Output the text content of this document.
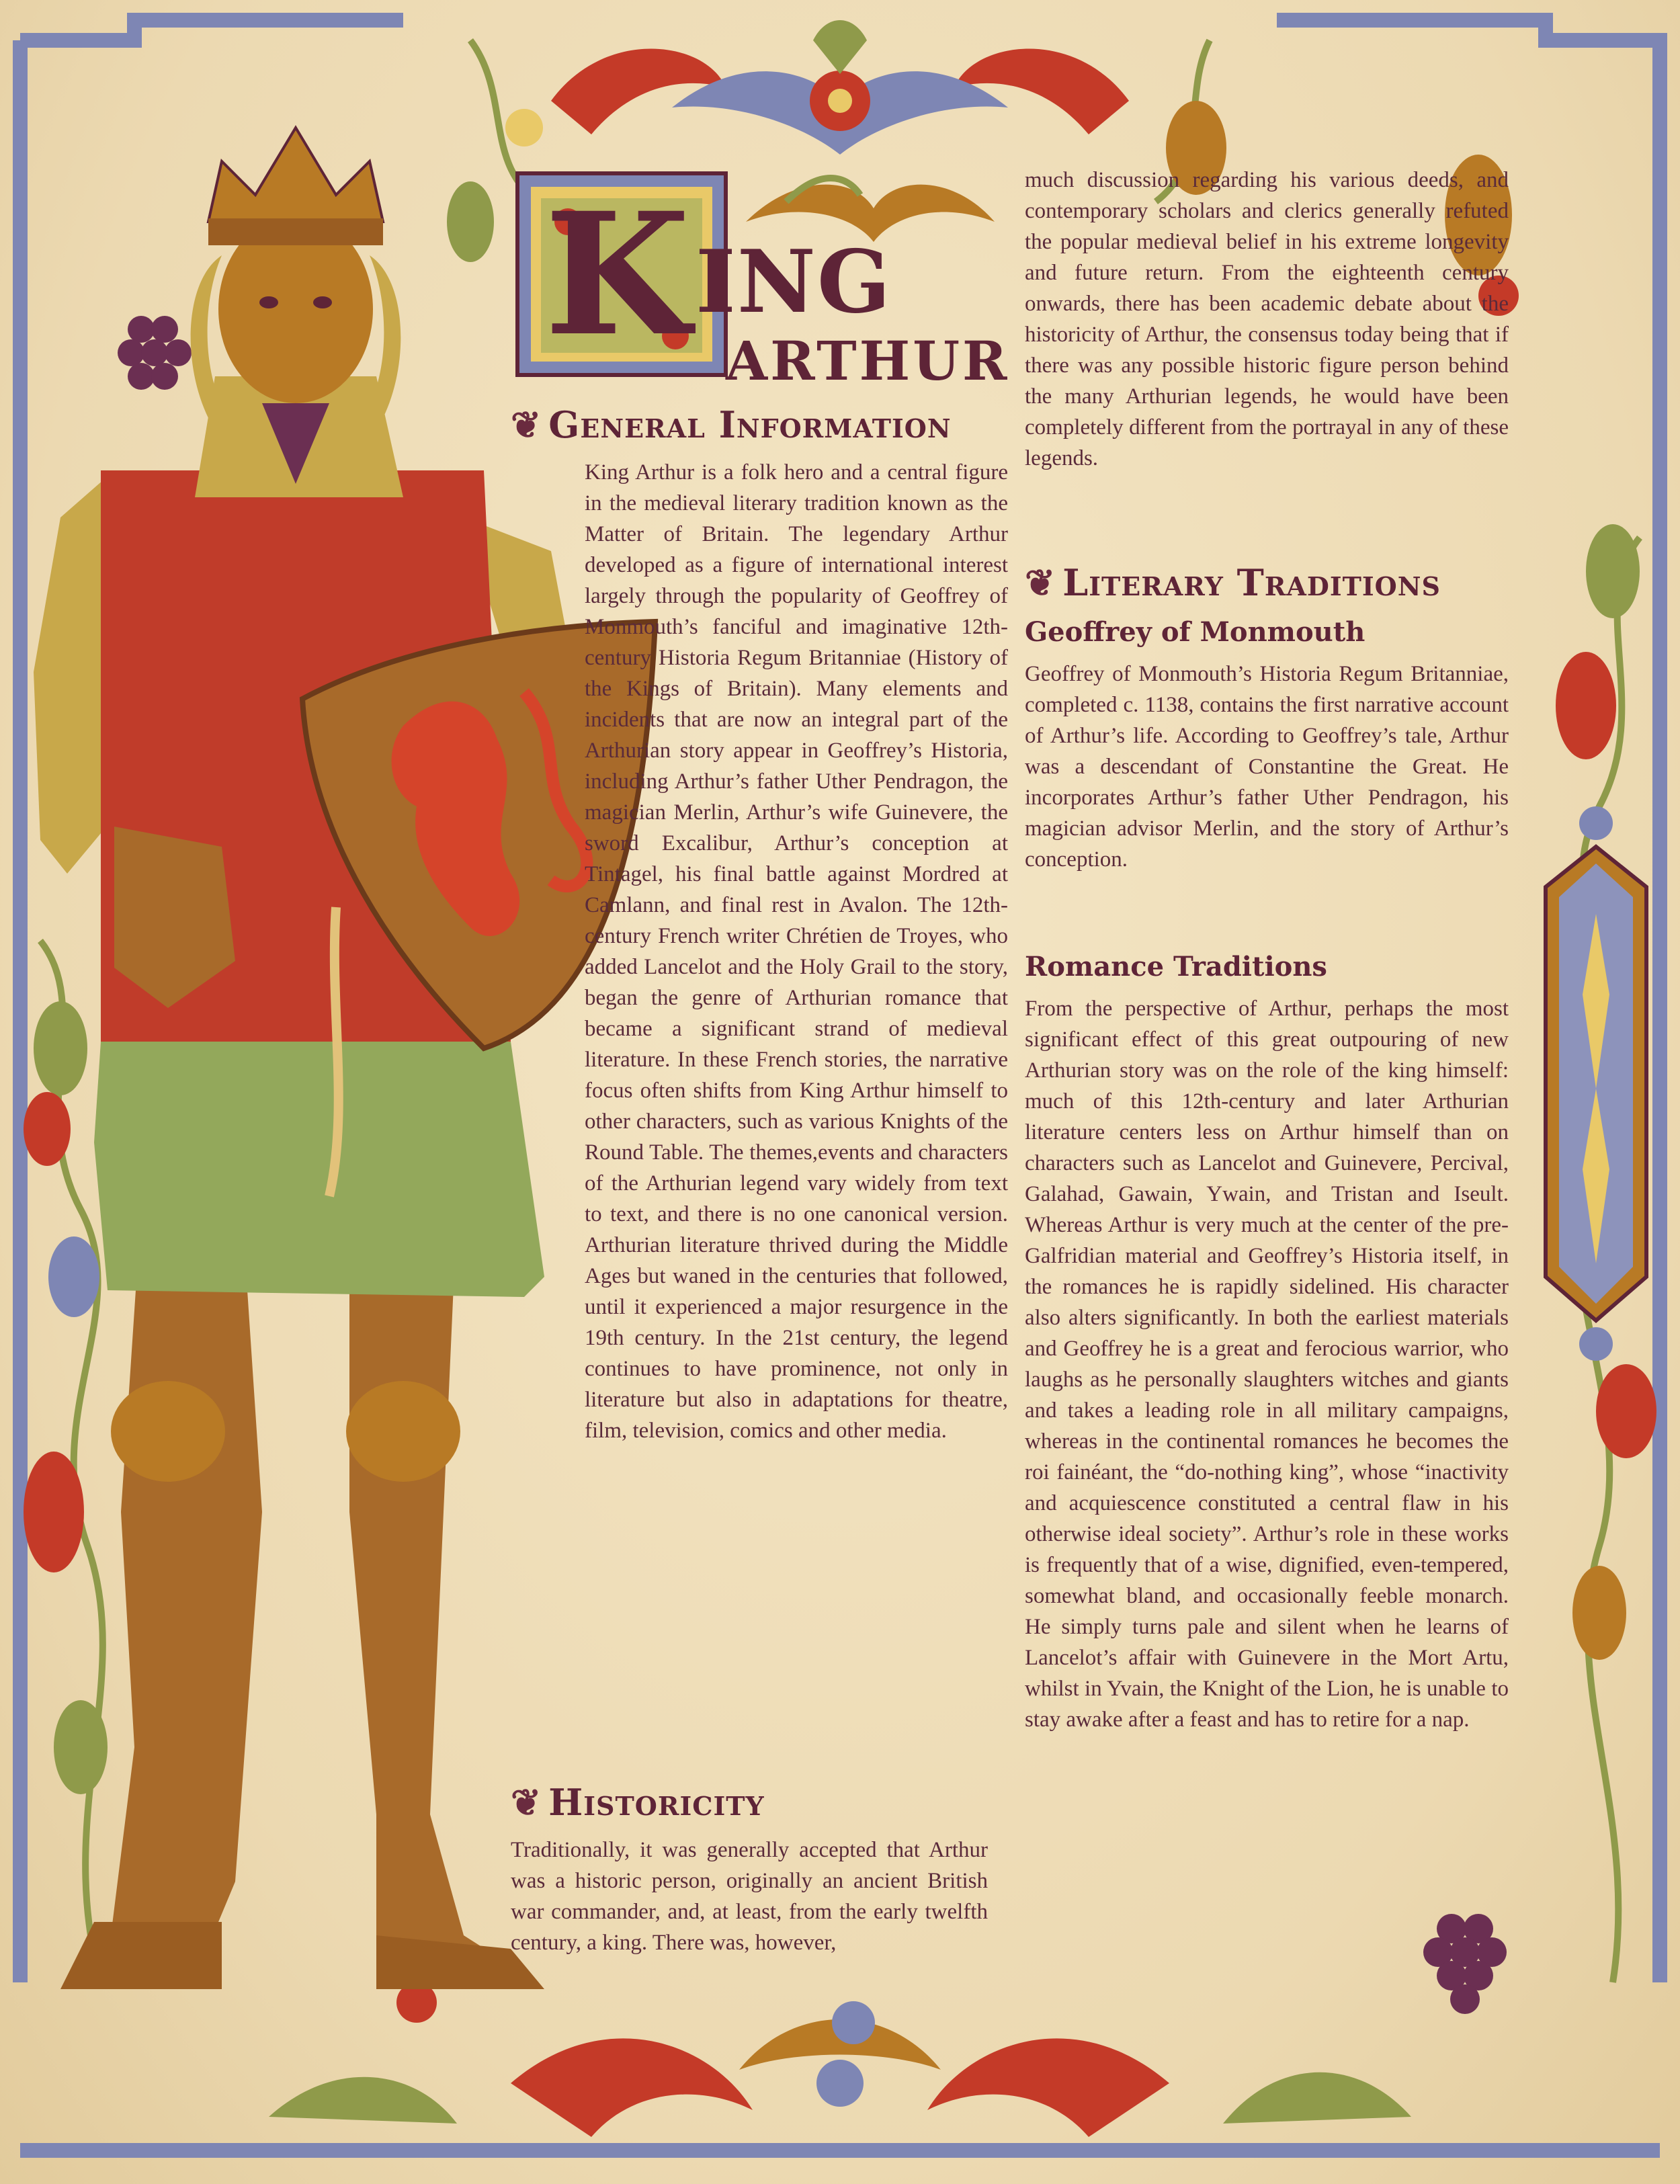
K ING
ARTHUR
❦ General Information

King Arthur is a folk hero and a central figure in the medieval literary tradition known as the Matter of Britain. The legendary Arthur developed as a figure of international interest largely through the popularity of Geoffrey of Monmouth’s fanciful and imaginative 12th-century Historia Regum Britanniae (History of the Kings of Britain). Many elements and incidents that are now an integral part of the Arthurian story appear in Geoffrey’s Historia, including Arthur’s father Uther Pendragon, the magician Merlin, Arthur’s wife Guinevere, the sword Excalibur, Arthur’s conception at Tintagel, his final battle against Mordred at Camlann, and final rest in Avalon. The 12th-century French writer Chrétien de Troyes, who added Lancelot and the Holy Grail to the story, began the genre of Arthurian romance that became a significant strand of medieval literature. In these French stories, the narrative focus often shifts from King Arthur himself to other characters, such as various Knights of the Round Table. The themes,events and characters of the Arthurian legend vary widely from text to text, and there is no one canonical version. Arthurian literature thrived during the Middle Ages but waned in the centuries that followed, until it experienced a major resurgence in the 19th century. In the 21st century, the legend continues to have prominence, not only in literature but also in adaptations for theatre, film, television, comics and other media.

❦ Historicity

Traditionally, it was generally accepted that Arthur was a historic person, originally an ancient British war commander, and, at least, from the early twelfth century, a king. There was, however,

much discussion regarding his various deeds, and contemporary scholars and clerics generally refuted the popular medieval belief in his extreme longevity and future return. From the eighteenth century onwards, there has been academic debate about the historicity of Arthur, the consensus today being that if there was any possible historic figure person behind the many Arthurian legends, he would have been completely different from the portrayal in any of these legends.

❦ Literary Traditions
Geoffrey of Monmouth

Geoffrey of Monmouth’s Historia Regum Britanniae, completed c. 1138, contains the first narrative account of Arthur’s life. According to Geoffrey’s tale, Arthur was a descendant of Constantine the Great. He incorporates Arthur’s father Uther Pendragon, his magician advisor Merlin, and the story of Arthur’s conception.

Romance Traditions

From the perspective of Arthur, perhaps the most significant effect of this great outpouring of new Arthurian story was on the role of the king himself: much of this 12th-century and later Arthurian literature centers less on Arthur himself than on characters such as Lancelot and Guinevere, Percival, Galahad, Gawain, Ywain, and Tristan and Iseult. Whereas Arthur is very much at the center of the pre-Galfridian material and Geoffrey’s Historia itself, in the romances he is rapidly sidelined. His character also alters significantly. In both the earliest materials and Geoffrey he is a great and ferocious warrior, who laughs as he personally slaughters witches and giants and takes a leading role in all military campaigns, whereas in the continental romances he becomes the roi fainéant, the “do-nothing king”, whose “inactivity and acquiescence constituted a central flaw in his otherwise ideal society”. Arthur’s role in these works is frequently that of a wise, dignified, even-tempered, somewhat bland, and occasionally feeble monarch. He simply turns pale and silent when he learns of Lancelot’s affair with Guinevere in the Mort Artu, whilst in Yvain, the Knight of the Lion, he is unable to stay awake after a feast and has to retire for a nap.
